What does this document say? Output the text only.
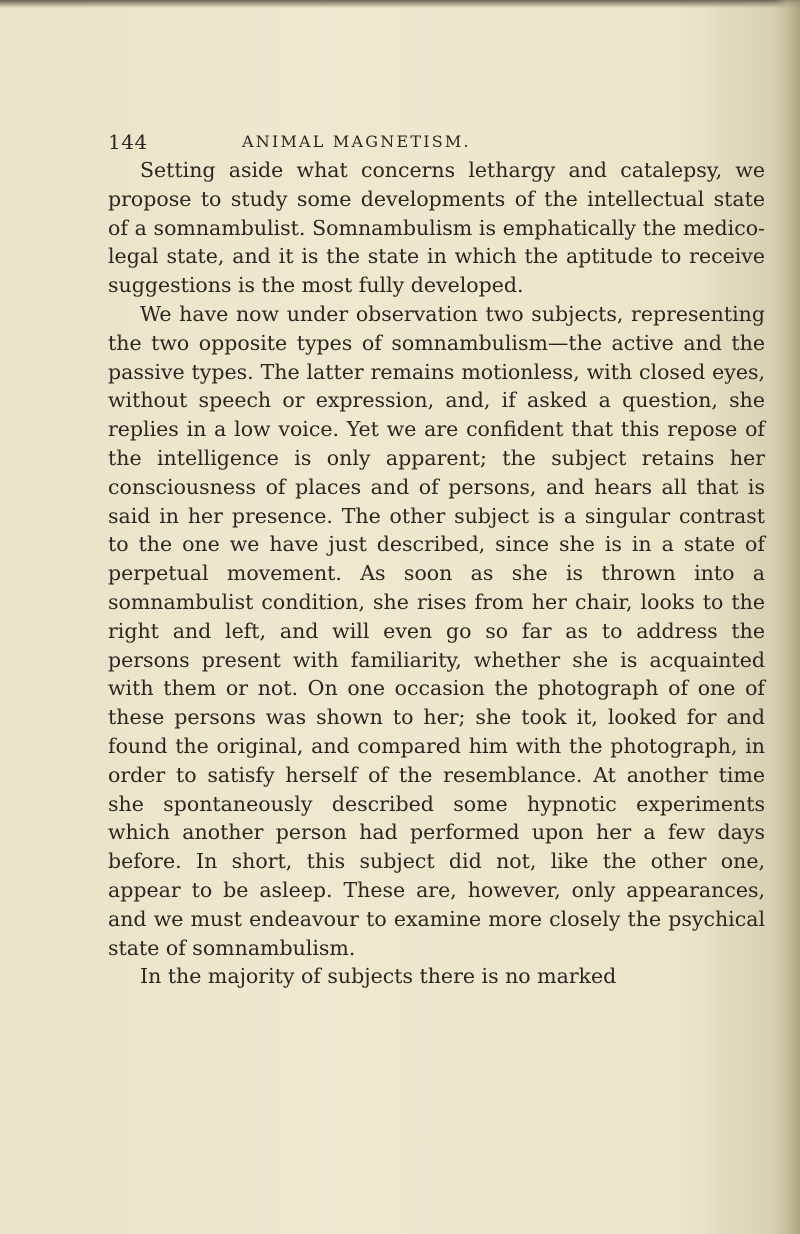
144	ANIMAL MAGNETISM.

Setting aside what concerns lethargy and catalepsy, we propose to study some developments of the intellectual state of a somnambulist. Somnambulism is emphatically the medico-legal state, and it is the state in which the aptitude to receive suggestions is the most fully developed.

We have now under observation two subjects, representing the two opposite types of somnambulism—the active and the passive types. The latter remains motionless, with closed eyes, without speech or expression, and, if asked a question, she replies in a low voice. Yet we are confident that this repose of the intelligence is only apparent; the subject retains her consciousness of places and of persons, and hears all that is said in her presence. The other subject is a singular contrast to the one we have just described, since she is in a state of perpetual movement. As soon as she is thrown into a somnambulist condition, she rises from her chair, looks to the right and left, and will even go so far as to address the persons present with familiarity, whether she is acquainted with them or not. On one occasion the photograph of one of these persons was shown to her; she took it, looked for and found the original, and compared him with the photograph, in order to satisfy herself of the resemblance. At another time she spontaneously described some hypnotic experiments which another person had performed upon her a few days before. In short, this subject did not, like the other one, appear to be asleep. These are, however, only appearances, and we must endeavour to examine more closely the psychical state of somnambulism.

In the majority of subjects there is no marked
